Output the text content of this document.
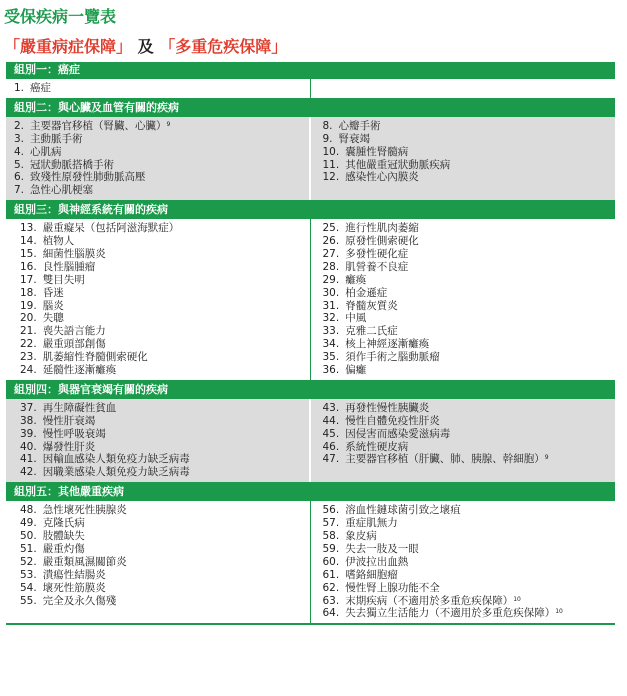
受保疾病一覽表
「嚴重病症保障」 及 「多重危疾保障」
組別一：癌症
1. 癌症
組別二：與心臟及血管有關的疾病
2. 主要器官移植（腎臟、心臟）$^9$
3. 主動脈手術
4. 心肌病
5. 冠狀動脈搭橋手術
6. 致殘性原發性肺動脈高壓
7. 急性心肌梗塞
8. 心瓣手術
9. 腎衰竭
10. 囊腫性腎髓病
11. 其他嚴重冠狀動脈疾病
12. 感染性心內膜炎
組別三：與神經系統有關的疾病
13. 嚴重癡呆（包括阿滋海默症）
14. 植物人
15. 細菌性腦膜炎
16. 良性腦腫瘤
17. 雙目失明
18. 昏迷
19. 腦炎
20. 失聰
21. 喪失語言能力
22. 嚴重頭部創傷
23. 肌萎縮性脊髓側索硬化
24. 延髓性逐漸癱瘓
25. 進行性肌肉萎縮
26. 原發性側索硬化
27. 多發性硬化症
28. 肌營養不良症
29. 癱瘓
30. 柏金遜症
31. 脊髓灰質炎
32. 中風
33. 克雅二氏症
34. 核上神經逐漸癱瘓
35. 須作手術之腦動脈瘤
36. 偏癱
組別四：與器官衰竭有關的疾病
37. 再生障礙性貧血
38. 慢性肝衰竭
39. 慢性呼吸衰竭
40. 爆發性肝炎
41. 因輸血感染人類免疫力缺乏病毒
42. 因職業感染人類免疫力缺乏病毒
43. 再發性慢性胰臟炎
44. 慢性自體免疫性肝炎
45. 因侵害而感染愛滋病毒
46. 系統性硬皮病
47. 主要器官移植（肝臟、肺、胰腺、幹細胞）$^9$
組別五：其他嚴重疾病
48. 急性壞死性胰腺炎
49. 克隆氏病
50. 肢體缺失
51. 嚴重灼傷
52. 嚴重類風濕關節炎
53. 潰瘍性結腸炎
54. 壞死性筋膜炎
55. 完全及永久傷殘
56. 溶血性鏈球菌引致之壞疽
57. 重症肌無力
58. 象皮病
59. 失去一肢及一眼
60. 伊波拉出血熱
61. 嗜鉻細胞瘤
62. 慢性腎上腺功能不全
63. 末期疾病（不適用於多重危疾保障）$^{10}$
64. 失去獨立生活能力（不適用於多重危疾保障）$^{10}$
